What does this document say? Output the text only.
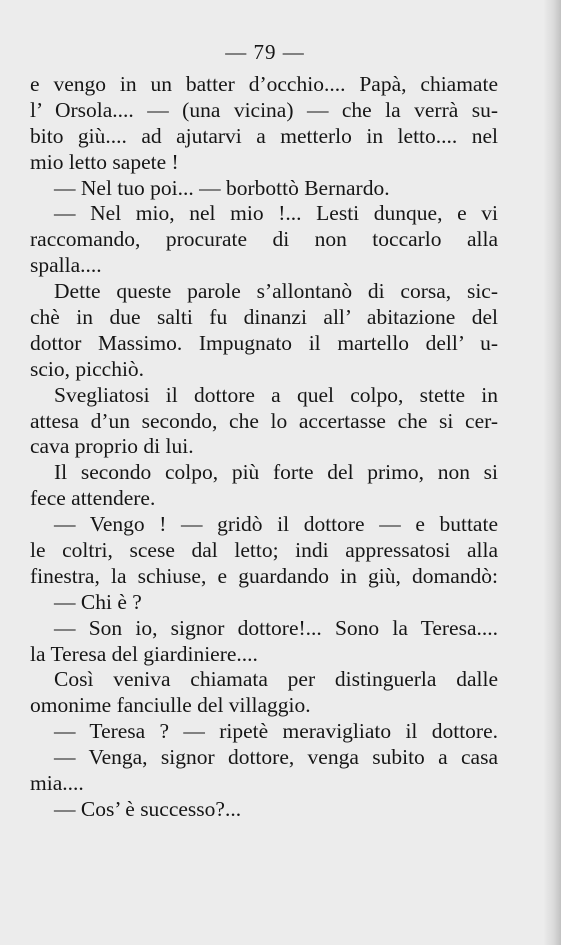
— 79 —
e vengo in un batter d’occhio.... Papà, chiamate
l’ Orsola.... — (una vicina) — che la verrà su-
bito giù.... ad ajutarvi a metterlo in letto.... nel
mio letto sapete !
— Nel tuo poi... — borbottò Bernardo.
— Nel mio, nel mio !... Lesti dunque, e vi
raccomando, procurate di non toccarlo alla
spalla....
Dette queste parole s’allontanò di corsa, sic-
chè in due salti fu dinanzi all’ abitazione del
dottor Massimo. Impugnato il martello dell’ u-
scio, picchiò.
Svegliatosi il dottore a quel colpo, stette in
attesa d’un secondo, che lo accertasse che si cer-
cava proprio di lui.
Il secondo colpo, più forte del primo, non si
fece attendere.
— Vengo ! — gridò il dottore — e buttate
le coltri, scese dal letto; indi appressatosi alla
finestra, la schiuse, e guardando in giù, domandò:
— Chi è ?
— Son io, signor dottore!... Sono la Teresa....
la Teresa del giardiniere....
Così veniva chiamata per distinguerla dalle
omonime fanciulle del villaggio.
— Teresa ? — ripetè meravigliato il dottore.
— Venga, signor dottore, venga subito a casa
mia....
— Cos’ è successo?...
